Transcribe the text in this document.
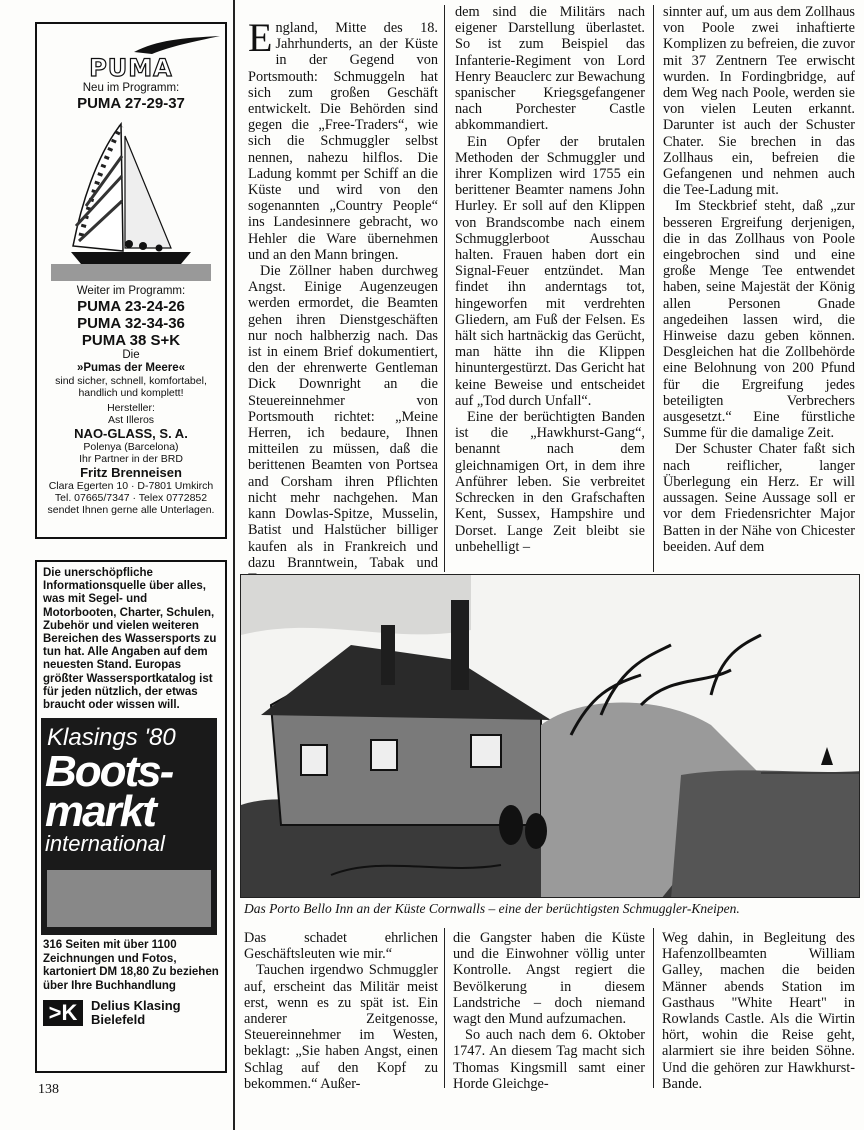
PUMA
Neu im Programm:
PUMA 27-29-37
Weiter im Programm:
PUMA 23-24-26
PUMA 32-34-36
PUMA 38 S+K
Die
»Pumas der Meere«
sind sicher, schnell, komfortabel, handlich und komplett!
Hersteller:
Ast Illeros
NAO-GLASS, S. A.
Polenya (Barcelona)
Ihr Partner in der BRD
Fritz Brenneisen
Clara Egerten 10 · D-7801 Umkirch
Tel. 07665/7347 · Telex 0772852
sendet Ihnen gerne alle Unterlagen.
Die unerschöpfliche Informationsquelle über alles, was mit Segel- und Motorbooten, Charter, Schulen, Zubehör und vielen weiteren Bereichen des Wassersports zu tun hat. Alle Angaben auf dem neuesten Stand. Europas größter Wassersportkatalog ist für jeden nützlich, der etwas braucht oder wissen will.
Klasings '80
Boots-
markt
international
316 Seiten mit über 1100 Zeichnungen und Fotos, kartoniert DM 18,80 Zu beziehen über Ihre Buchhandlung
>K	Delius Klasing
Bielefeld
138

England, Mitte des 18. Jahrhunderts, an der Küste in der Gegend von Portsmouth: Schmuggeln hat sich zum großen Geschäft entwickelt. Die Behörden sind gegen die „Free-Traders“, wie sich die Schmuggler selbst nennen, nahezu hilflos. Die Ladung kommt per Schiff an die Küste und wird von den sogenannten „Country People“ ins Landesinnere gebracht, wo Hehler die Ware übernehmen und an den Mann bringen.

Die Zöllner haben durchweg Angst. Einige Augenzeugen werden ermordet, die Beamten gehen ihren Dienstgeschäften nur noch halbherzig nach. Das ist in einem Brief dokumentiert, den der ehrenwerte Gentleman Dick Downright an die Steuereinnehmer von Portsmouth richtet: „Meine Herren, ich bedaure, Ihnen mitteilen zu müssen, daß die berittenen Beamten von Portsea and Corsham ihren Pflichten nicht mehr nachgehen. Man kann Dowlas-Spitze, Musselin, Batist und Halstücher billiger kaufen als in Frankreich und dazu Branntwein, Tabak und

dem sind die Militärs nach eigener Darstellung überlastet. So ist zum Beispiel das Infanterie-Regiment von Lord Henry Beauclerc zur Bewachung spanischer Kriegsgefangener nach Porchester Castle abkommandiert.

Ein Opfer der brutalen Methoden der Schmuggler und ihrer Komplizen wird 1755 ein berittener Beamter namens John Hurley. Er soll auf den Klippen von Brandscombe nach einem Schmugglerboot Ausschau halten. Frauen haben dort ein Signal-Feuer entzündet. Man findet ihn anderntags tot, hingeworfen mit verdrehten Gliedern, am Fuß der Felsen. Es hält sich hartnäckig das Gerücht, man hätte ihn die Klippen hinuntergestürzt. Das Gericht hat keine Beweise und entscheidet auf „Tod durch Unfall“.

Eine der berüchtigten Banden ist die „Hawkhurst-Gang“, benannt nach dem gleichnamigen Ort, in dem ihre Anführer leben. Sie verbreitet Schrecken in den Grafschaften Kent, Sussex, Hampshire und Dorset. Lange Zeit bleibt sie unbehelligt –

sinnter auf, um aus dem Zollhaus von Poole zwei inhaftierte Komplizen zu befreien, die zuvor mit 37 Zentnern Tee erwischt wurden. In Fordingbridge, auf dem Weg nach Poole, werden sie von vielen Leuten erkannt. Darunter ist auch der Schuster Chater. Sie brechen in das Zollhaus ein, befreien die Gefangenen und nehmen auch die Tee-Ladung mit.

Im Steckbrief steht, daß „zur besseren Ergreifung derjenigen, die in das Zollhaus von Poole eingebrochen sind und eine große Menge Tee entwendet haben, seine Majestät der König allen Personen Gnade angedeihen lassen wird, die Hinweise dazu geben können. Desgleichen hat die Zollbehörde eine Belohnung von 200 Pfund für die Ergreifung jedes beteiligten Verbrechers ausgesetzt.“ Eine fürstliche Summe für die damalige Zeit.

Der Schuster Chater faßt sich nach reiflicher, langer Überlegung ein Herz. Er will aussagen. Seine Aussage soll er vor dem Friedensrichter Major Batten in der Nähe von Chicester beeiden. Auf dem

Das Porto Bello Inn an der Küste Cornwalls – eine der berüchtigsten Schmuggler-Kneipen.

Das schadet ehrlichen Geschäftsleuten wie mir.“

Tauchen irgendwo Schmuggler auf, erscheint das Militär meist erst, wenn es zu spät ist. Ein anderer Zeitgenosse, Steuereinnehmer im Westen, beklagt: „Sie haben Angst, einen Schlag auf den Kopf zu bekommen.“ Außer-

die Gangster haben die Küste und die Einwohner völlig unter Kontrolle. Angst regiert die Bevölkerung in diesem Landstriche – doch niemand wagt den Mund aufzumachen.

So auch nach dem 6. Oktober 1747. An diesem Tag macht sich Thomas Kingsmill samt einer Horde Gleichge-

Weg dahin, in Begleitung des Hafenzollbeamten William Galley, machen die beiden Männer abends Station im Gasthaus "White Heart" in Rowlands Castle. Als die Wirtin hört, wohin die Reise geht, alarmiert sie ihre beiden Söhne. Und die gehören zur Hawkhurst-Bande.
